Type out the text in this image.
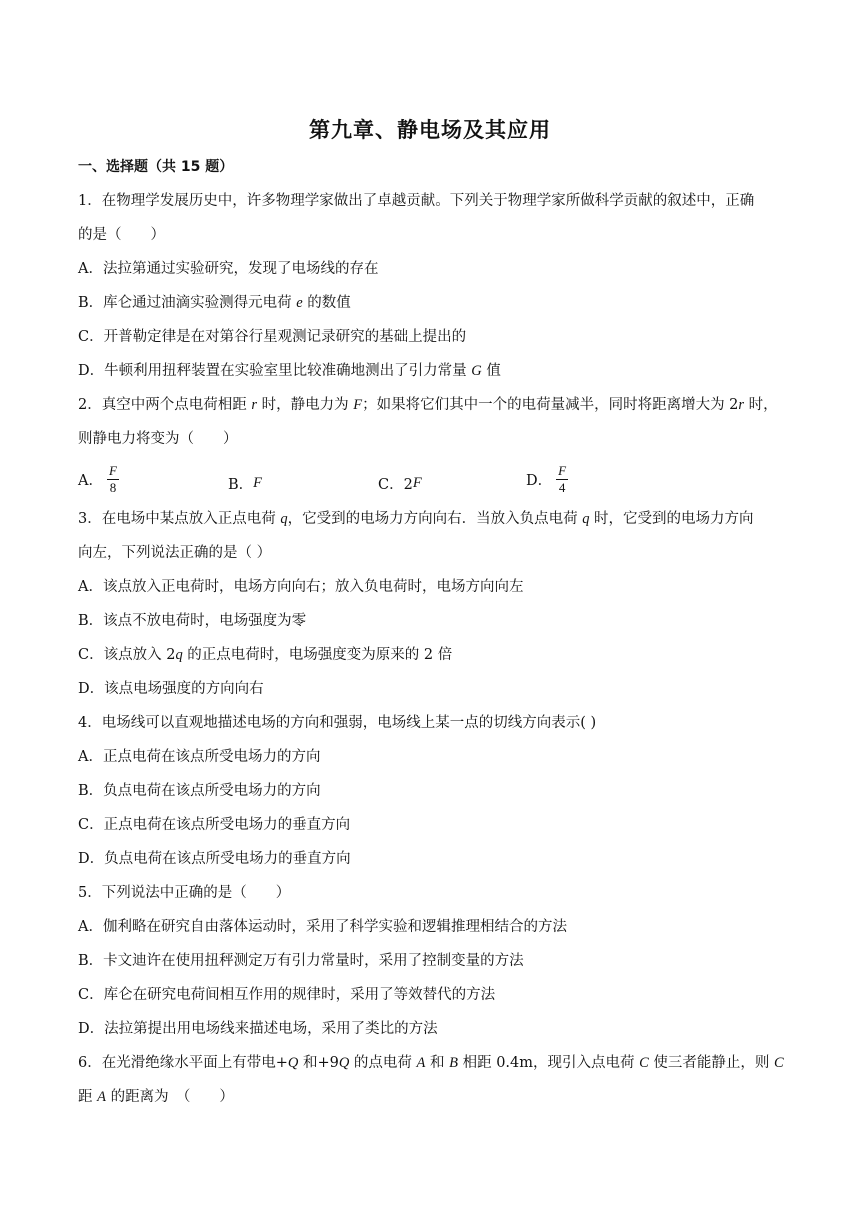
第九章、静电场及其应用
一、选择题（共 15 题）
1．在物理学发展历史中，许多物理学家做出了卓越贡献。下列关于物理学家所做科学贡献的叙述中，正确
的是（　　）
A．法拉第通过实验研究，发现了电场线的存在
B．库仑通过油滴实验测得元电荷 e 的数值
C．开普勒定律是在对第谷行星观测记录研究的基础上提出的
D．牛顿利用扭秤装置在实验室里比较准确地测出了引力常量 G 值
2．真空中两个点电荷相距 r 时，静电力为 F；如果将它们其中一个的电荷量减半，同时将距离增大为 2r 时，
则静电力将变为（　　）
A． $\frac{F}{8}$	B． F	C．2 F	D． $\frac{F}{4}$
3．在电场中某点放入正点电荷 q，它受到的电场力方向向右．当放入负点电荷 q 时，它受到的电场力方向
向左，下列说法正确的是（ ）
A．该点放入正电荷时，电场方向向右；放入负电荷时，电场方向向左
B．该点不放电荷时，电场强度为零
C．该点放入 2q 的正点电荷时，电场强度变为原来的 2 倍
D．该点电场强度的方向向右
4．电场线可以直观地描述电场的方向和强弱，电场线上某一点的切线方向表示( )
A．正点电荷在该点所受电场力的方向
B．负点电荷在该点所受电场力的方向
C．正点电荷在该点所受电场力的垂直方向
D．负点电荷在该点所受电场力的垂直方向
5．下列说法中正确的是（　　）
A．伽利略在研究自由落体运动时，采用了科学实验和逻辑推理相结合的方法
B．卡文迪许在使用扭秤测定万有引力常量时，采用了控制变量的方法
C．库仑在研究电荷间相互作用的规律时，采用了等效替代的方法
D．法拉第提出用电场线来描述电场，采用了类比的方法
6．在光滑绝缘水平面上有带电+Q 和+9Q 的点电荷 A 和 B 相距 0.4m，现引入点电荷 C 使三者能静止，则 C
距 A 的距离为　（　　）
